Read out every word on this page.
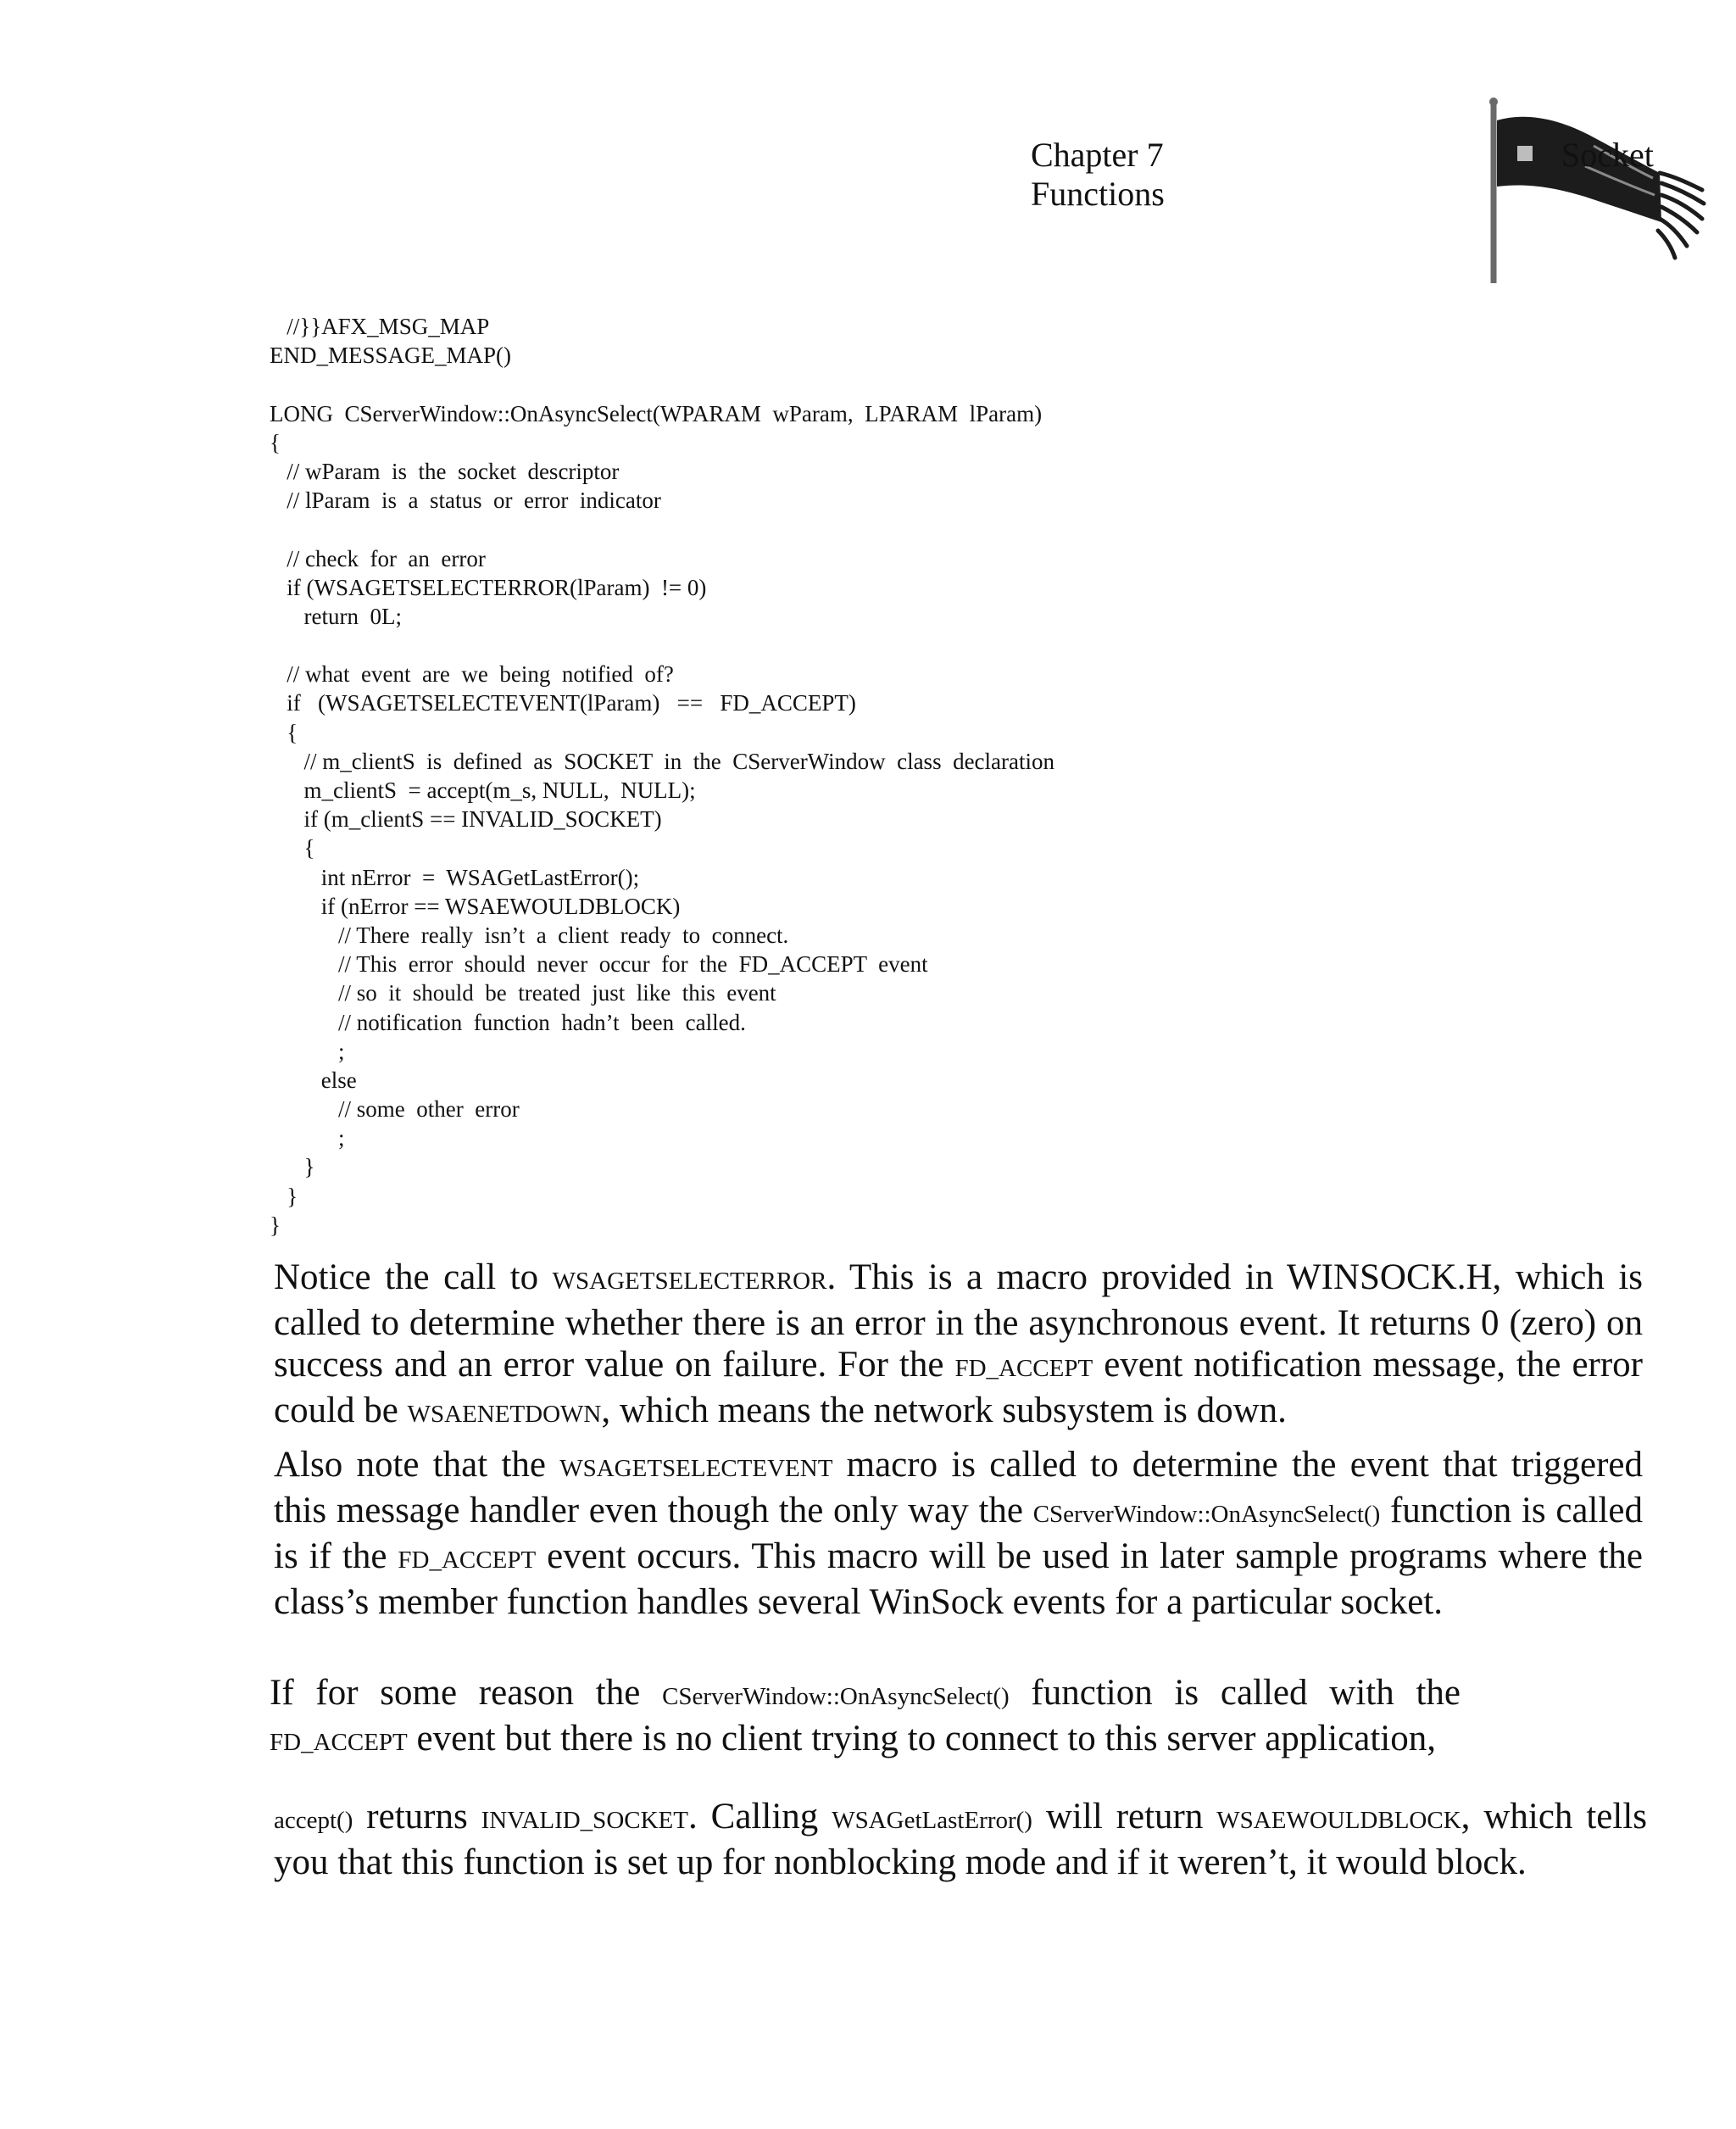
Chapter 7
Functions
Socket
//}}AFX_MSG_MAP
END_MESSAGE_MAP()
LONG  CServerWindow::OnAsyncSelect(WPARAM  wParam,  LPARAM  lParam)
{
// wParam  is  the  socket  descriptor
// lParam  is  a  status  or  error  indicator
// check  for  an  error
if (WSAGETSELECTERROR(lParam)  != 0)
return  0L;
// what  event  are  we  being  notified  of?
if   (WSAGETSELECTEVENT(lParam)   ==   FD_ACCEPT)
{
// m_clientS  is  defined  as  SOCKET  in  the  CServerWindow  class  declaration
m_clientS  = accept(m_s, NULL,  NULL);
if (m_clientS == INVALID_SOCKET)
{
int nError  =  WSAGetLastError();
if (nError == WSAEWOULDBLOCK)
// There  really  isn’t  a  client  ready  to  connect.
// This  error  should  never  occur  for  the  FD_ACCEPT  event
// so  it  should  be  treated  just  like  this  event
// notification  function  hadn’t  been  called.
;
else
// some  other  error
;
}
}
}

Notice the call to WSAGETSELECTERROR. This is a macro provided in WINSOCK.H, which is called to determine whether there is an error in the asynchronous event. It returns 0 (zero) on success and an error value on failure. For the FD_ACCEPT event notification message, the error could be WSAENETDOWN, which means the network subsystem is down.

Also note that the WSAGETSELECTEVENT macro is called to determine the event that triggered this message handler even though the only way the CServerWindow::OnAsyncSelect() function is called is if the FD_ACCEPT event occurs. This macro will be used in later sample programs where the class’s member function handles several WinSock events for a particular socket.

If for some reason the CServerWindow::OnAsyncSelect() function is called with the FD_ACCEPT event but there is no client trying to connect to this server application,

accept() returns INVALID_SOCKET. Calling WSAGetLastError() will return WSAEWOULDBLOCK, which tells you that this function is set up for nonblocking mode and if it weren’t, it would block.
